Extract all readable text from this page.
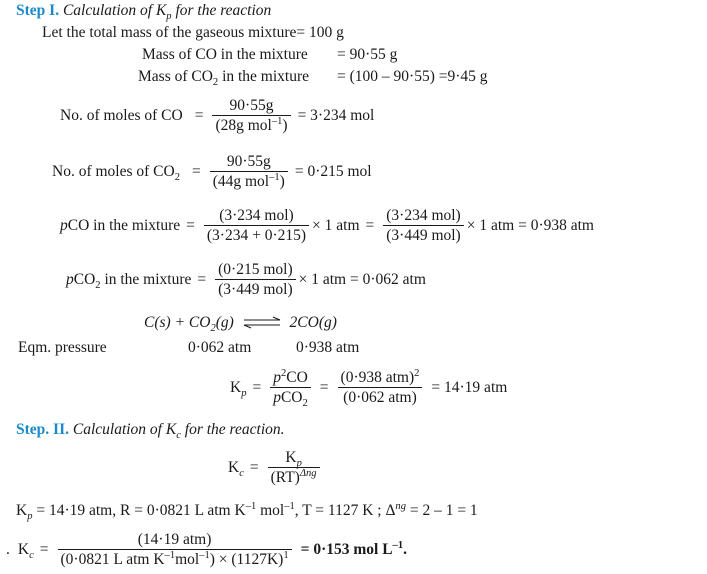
Step I. Calculation of $K_p$ for the reaction
Let the total mass of the gaseous mixture= 100 g
Mass of CO in the mixture = 90·55 g
Mass of $CO_2$ in the mixture = (100 – 90·55) =9·45 g
No. of moles of CO = $\frac{90\cdot 55g}{(28g mol^{-1})} = 3\cdot 234$ mol
No. of moles of $CO_2 = \frac{90\cdot 55g}{(44g mol^{-1})} = 0\cdot 215$ mol
pCO in the mixture = $\frac{\text{(3·234 mol)}}{(3\cdot 234 + 0\cdot 215)} \times 1$ atm = $\frac{\text{(3·234 mol)}}{\text{(3·449 mol)}} \times 1$ atm = 0·938 atm
pCO$_2$ in the mixture = $\frac{\text{(0·215 mol)}}{\text{(3·449 mol)}} \times 1$ atm = 0·062 atm
$C(s) + CO_2(g)$ ⇌ 2CO(g)
Eqm. pressure	0·062 atm	0·938 atm
$K_p = \frac{p^2CO}{pCO_2} = \frac{(0\cdot 938 atm)^2}{\text{(0·062 atm)}} = 14\cdot 19$ atm
Step. II. Calculation of $K_c$ for the reaction.
$K_c = \frac{K_p}{(RT)^{\Delta ng}}$
$K_p = 14\cdot 19$ atm, R = 0·0821 L atm $K^{-1}$ mol$^{-1}$, T = 1127 K ; $\Delta^{ng} = 2 - 1 = 1$
. $K_c = \frac{\text{(14·19 atm)}}{(0\cdot 0821 L atm K^{-1}mol^{-1}) \times (1127K)^1} = 0\cdot 153$ mol $L^{-1}$.
